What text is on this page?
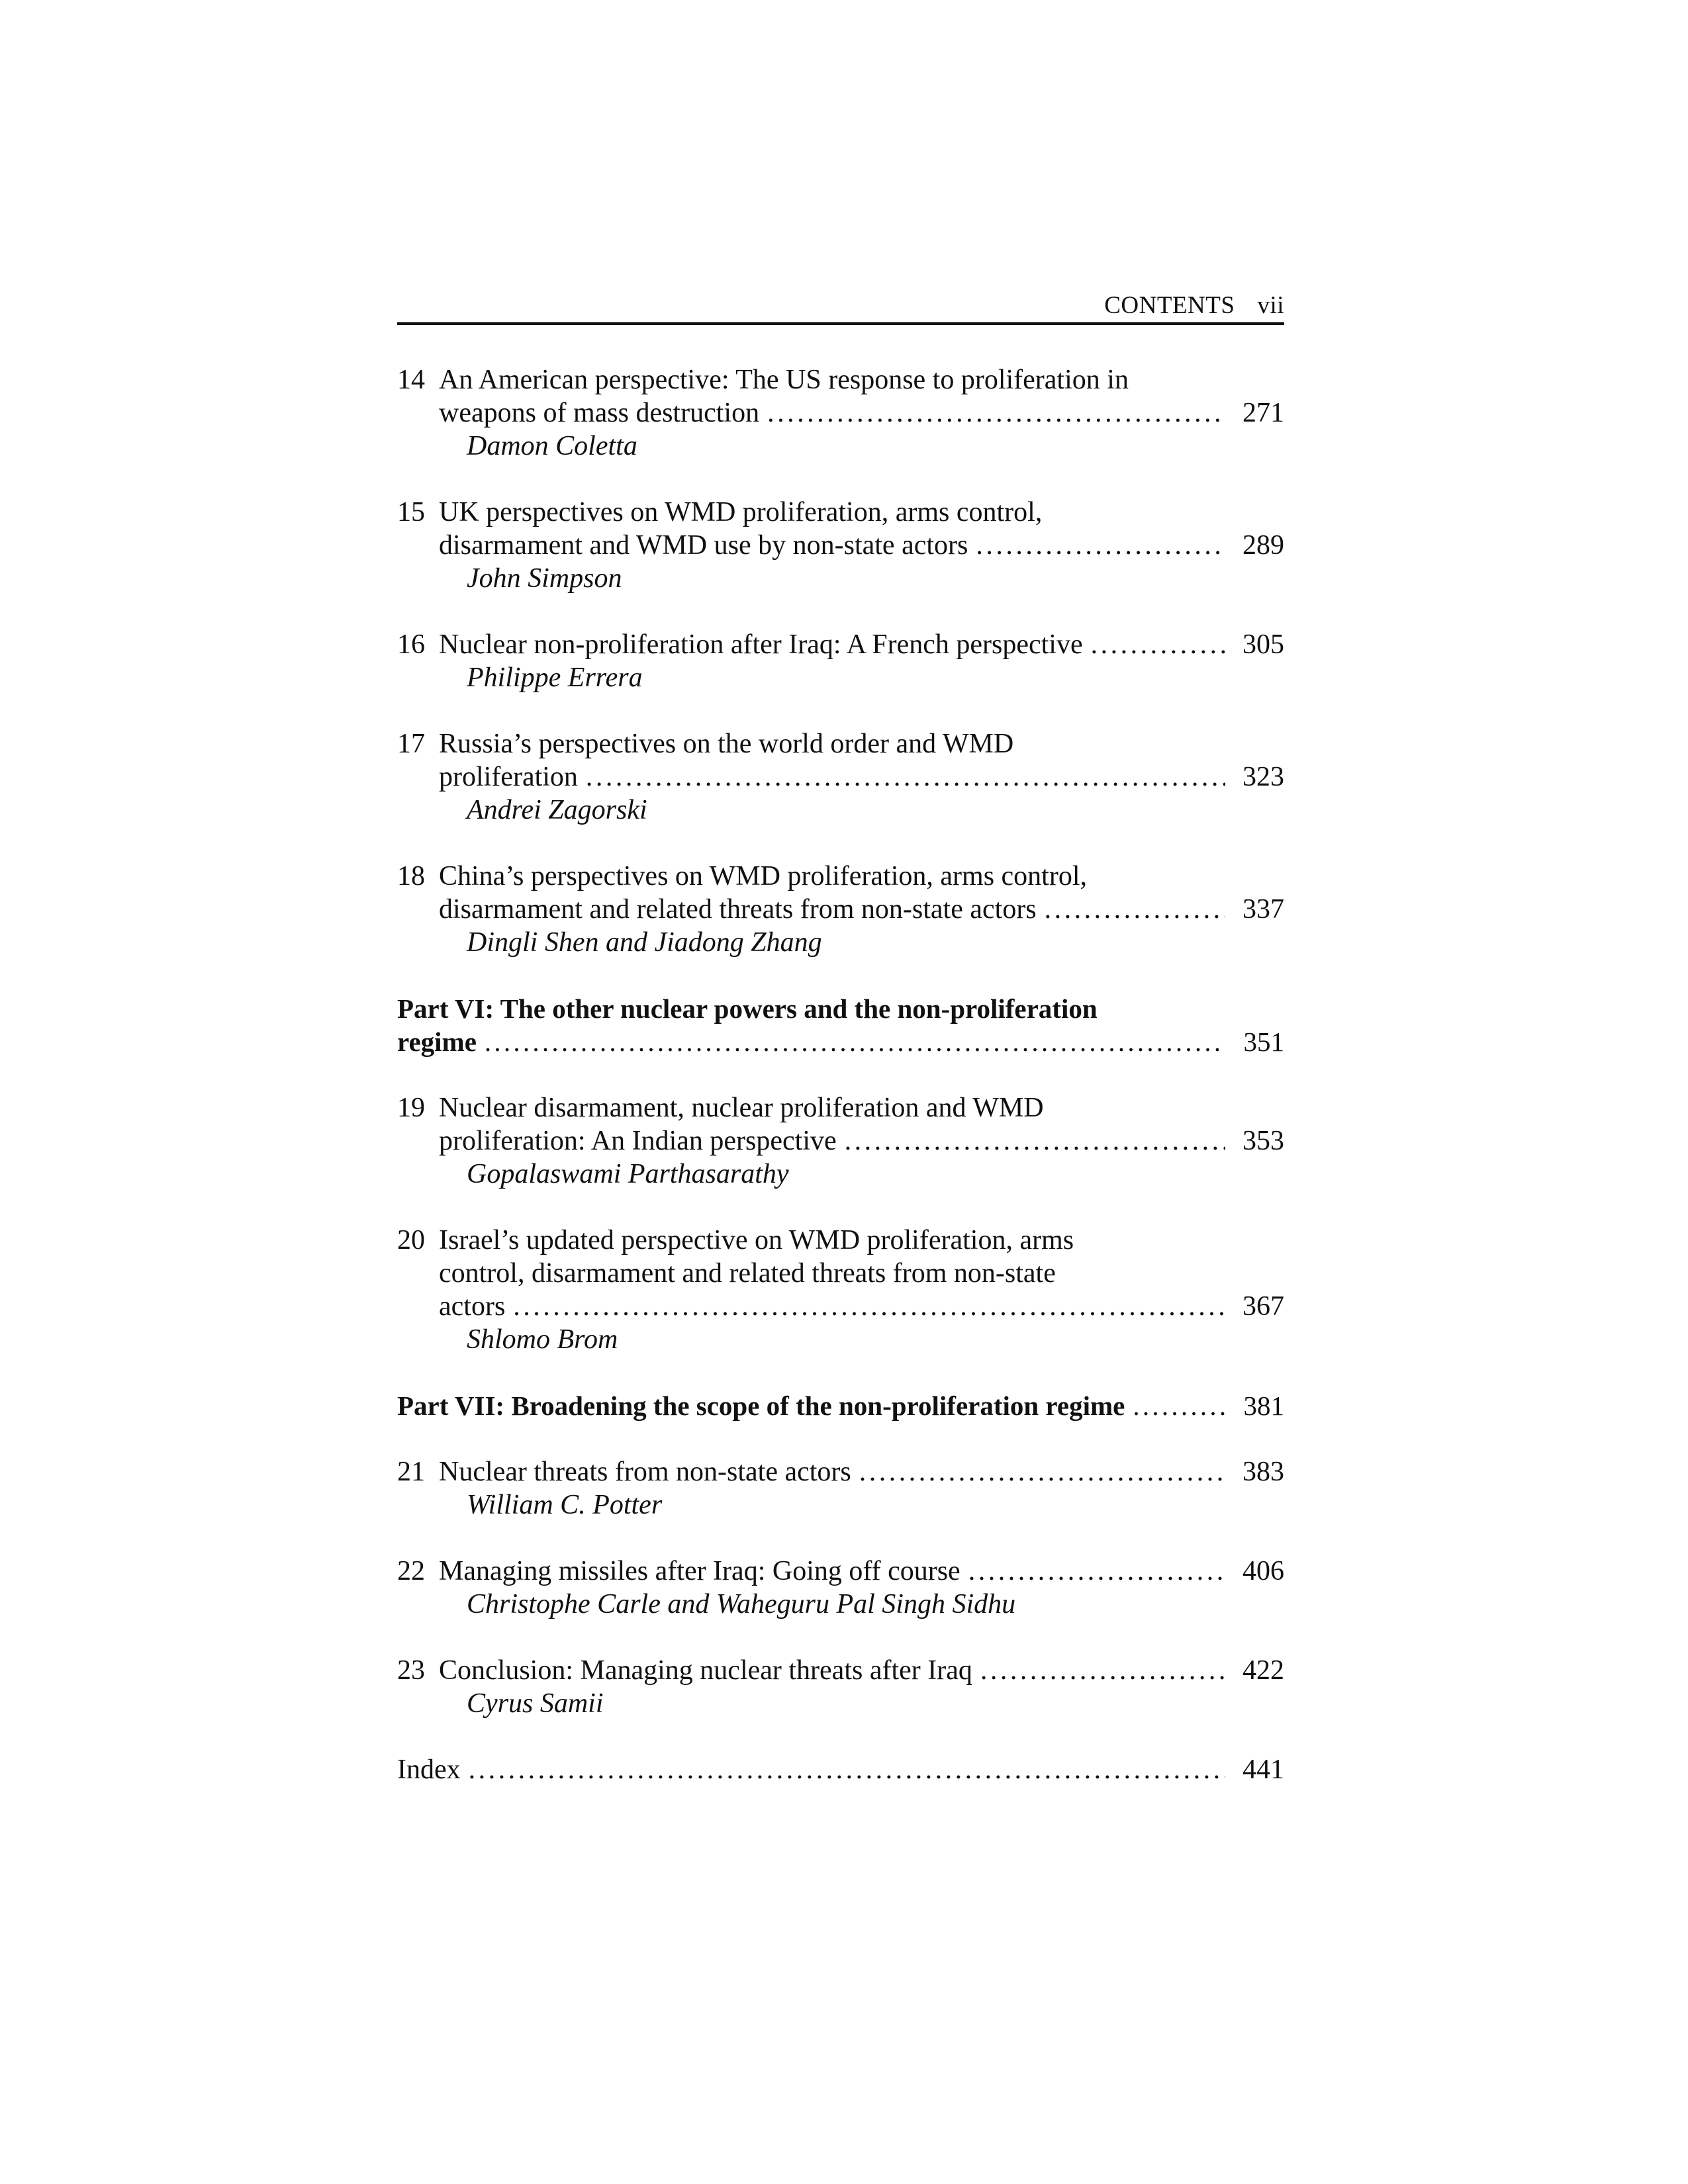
CONTENTS vii
14 An American perspective: The US response to proliferation in
weapons of mass destruction . . .	271
Damon Coletta
15 UK perspectives on WMD proliferation, arms control,
disarmament and WMD use by non-state actors . . .	289
John Simpson
16 Nuclear non-proliferation after Iraq: A French perspective . . .	305
Philippe Errera
17 Russia’s perspectives on the world order and WMD
proliferation . . .	323
Andrei Zagorski
18 China’s perspectives on WMD proliferation, arms control,
disarmament and related threats from non-state actors . . .	337
Dingli Shen and Jiadong Zhang
Part VI: The other nuclear powers and the non-proliferation
regime . . .	351
19 Nuclear disarmament, nuclear proliferation and WMD
proliferation: An Indian perspective . . .	353
Gopalaswami Parthasarathy
20 Israel’s updated perspective on WMD proliferation, arms
control, disarmament and related threats from non-state
actors . . .	367
Shlomo Brom
Part VII: Broadening the scope of the non-proliferation regime . . .	381
21 Nuclear threats from non-state actors . . .	383
William C. Potter
22 Managing missiles after Iraq: Going off course . . .	406
Christophe Carle and Waheguru Pal Singh Sidhu
23 Conclusion: Managing nuclear threats after Iraq . . .	422
Cyrus Samii
Index . . .	441
